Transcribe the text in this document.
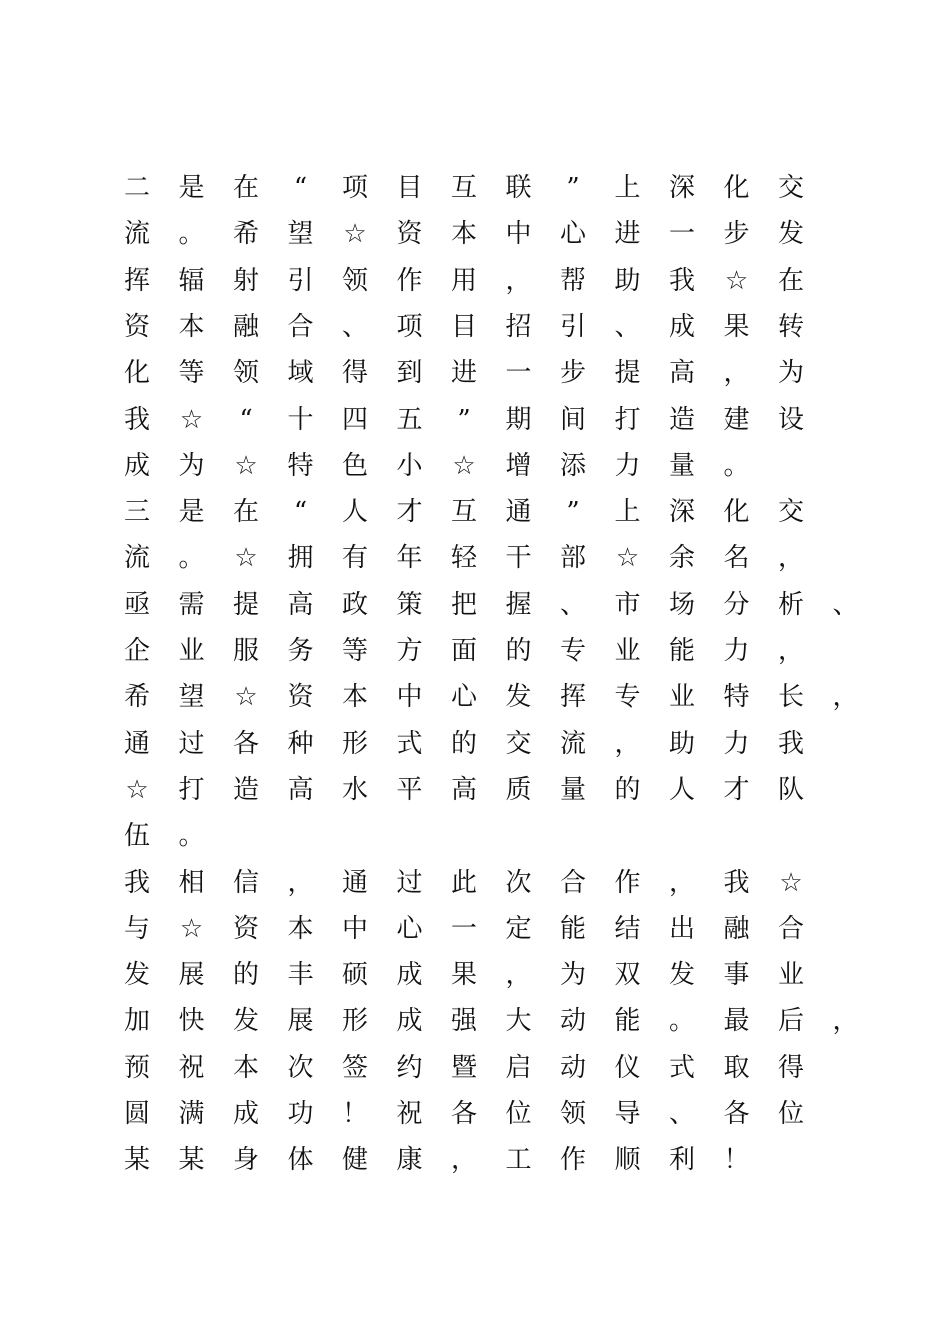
二 是 在	“	项 目 互 联	”	上 深 化 交
流 。 希 望	☆	资 本 中 心 进 一 步 发
挥 辐 射 引 领 作 用 ， 帮 助 我	☆	在
资 本 融 合 、 项 目 招 引 、 成 果 转
化 等 领 域 得 到 进 一 步 提 高 ， 为
我	☆	“	十 四 五	”	期 间 打 造 建 设
成 为	☆	特 色 小	☆	增 添 力 量 。
三 是 在	“	人 才 互 通	”	上 深 化 交
流 。	☆	拥 有 年 轻 干 部	☆	余 名 ，
亟 需 提 高 政 策 把 握 、 市 场 分 析 、
企 业 服 务 等 方 面 的 专 业 能 力 ，
希 望	☆	资 本 中 心 发 挥 专 业 特 长 ，
通 过 各 种 形 式 的 交 流 ， 助 力 我
☆	打 造 高 水 平 高 质 量 的 人 才 队
伍 。
我 相 信 ， 通 过 此 次 合 作 ， 我	☆
与	☆	资 本 中 心 一 定 能 结 出 融 合
发 展 的 丰 硕 成 果 ， 为 双 发 事 业
加 快 发 展 形 成 强 大 动 能 。 最 后 ，
预 祝 本 次 签 约 暨 启 动 仪 式 取 得
圆 满 成 功 ！ 祝 各 位 领 导 、 各 位
某 某 身 体 健 康 ， 工 作 顺 利 ！
